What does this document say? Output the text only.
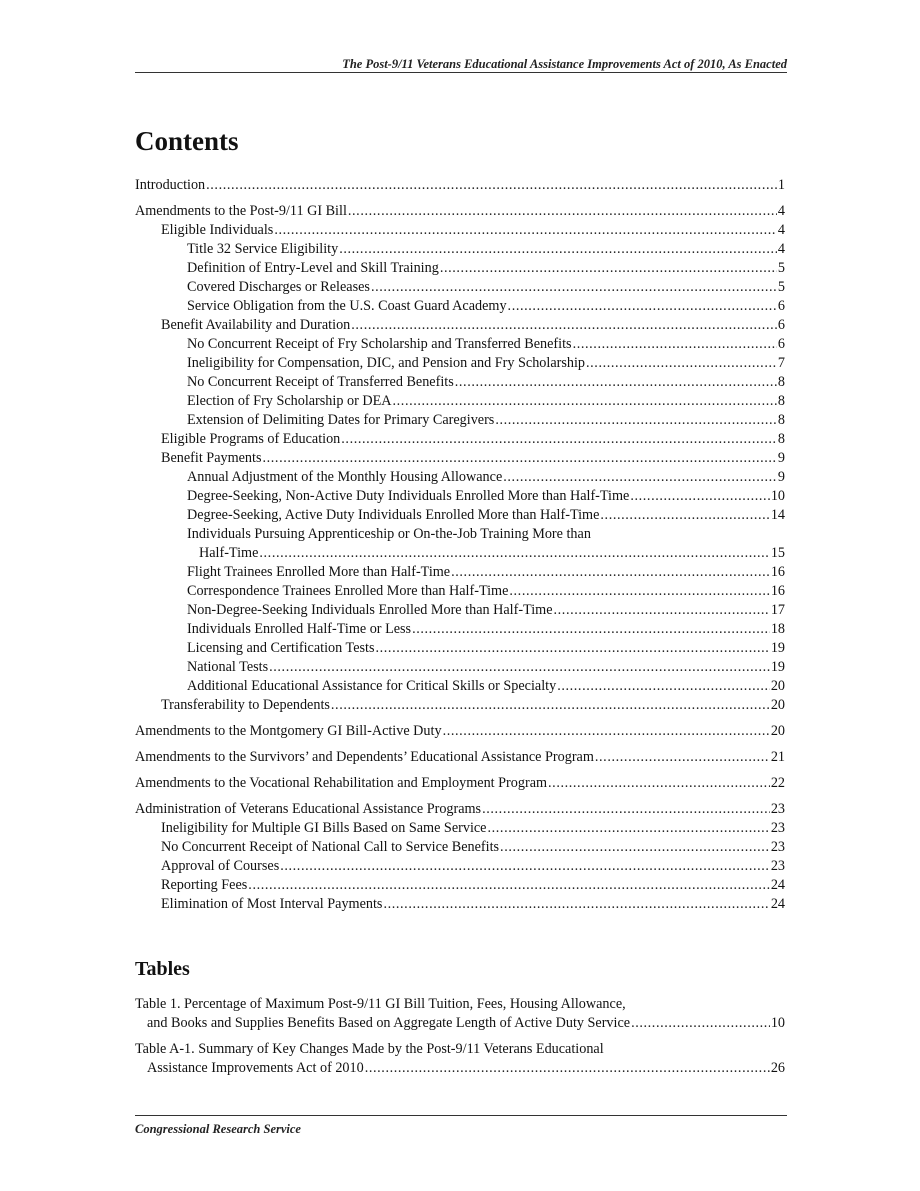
The Post-9/11 Veterans Educational Assistance Improvements Act of 2010, As Enacted
Contents
Introduction .....	1
Amendments to the Post-9/11 GI Bill .....	4
Eligible Individuals .....	4
Title 32 Service Eligibility .....	4
Definition of Entry-Level and Skill Training .....	5
Covered Discharges or Releases .....	5
Service Obligation from the U.S. Coast Guard Academy .....	6
Benefit Availability and Duration .....	6
No Concurrent Receipt of Fry Scholarship and Transferred Benefits .....	6
Ineligibility for Compensation, DIC, and Pension and Fry Scholarship .....	7
No Concurrent Receipt of Transferred Benefits .....	8
Election of Fry Scholarship or DEA .....	8
Extension of Delimiting Dates for Primary Caregivers .....	8
Eligible Programs of Education .....	8
Benefit Payments .....	9
Annual Adjustment of the Monthly Housing Allowance .....	9
Degree-Seeking, Non-Active Duty Individuals Enrolled More than Half-Time .....	10
Degree-Seeking, Active Duty Individuals Enrolled More than Half-Time .....	14
Individuals Pursuing Apprenticeship or On-the-Job Training More than
Half-Time .....	15
Flight Trainees Enrolled More than Half-Time .....	16
Correspondence Trainees Enrolled More than Half-Time .....	16
Non-Degree-Seeking Individuals Enrolled More than Half-Time .....	17
Individuals Enrolled Half-Time or Less .....	18
Licensing and Certification Tests .....	19
National Tests .....	19
Additional Educational Assistance for Critical Skills or Specialty .....	20
Transferability to Dependents .....	20
Amendments to the Montgomery GI Bill-Active Duty .....	20
Amendments to the Survivors’ and Dependents’ Educational Assistance Program .....	21
Amendments to the Vocational Rehabilitation and Employment Program .....	22
Administration of Veterans Educational Assistance Programs .....	23
Ineligibility for Multiple GI Bills Based on Same Service .....	23
No Concurrent Receipt of National Call to Service Benefits .....	23
Approval of Courses .....	23
Reporting Fees .....	24
Elimination of Most Interval Payments .....	24
Tables
Table 1. Percentage of Maximum Post-9/11 GI Bill Tuition, Fees, Housing Allowance,
and Books and Supplies Benefits Based on Aggregate Length of Active Duty Service .....	10
Table A-1. Summary of Key Changes Made by the Post-9/11 Veterans Educational
Assistance Improvements Act of 2010 .....	26
Congressional Research Service
